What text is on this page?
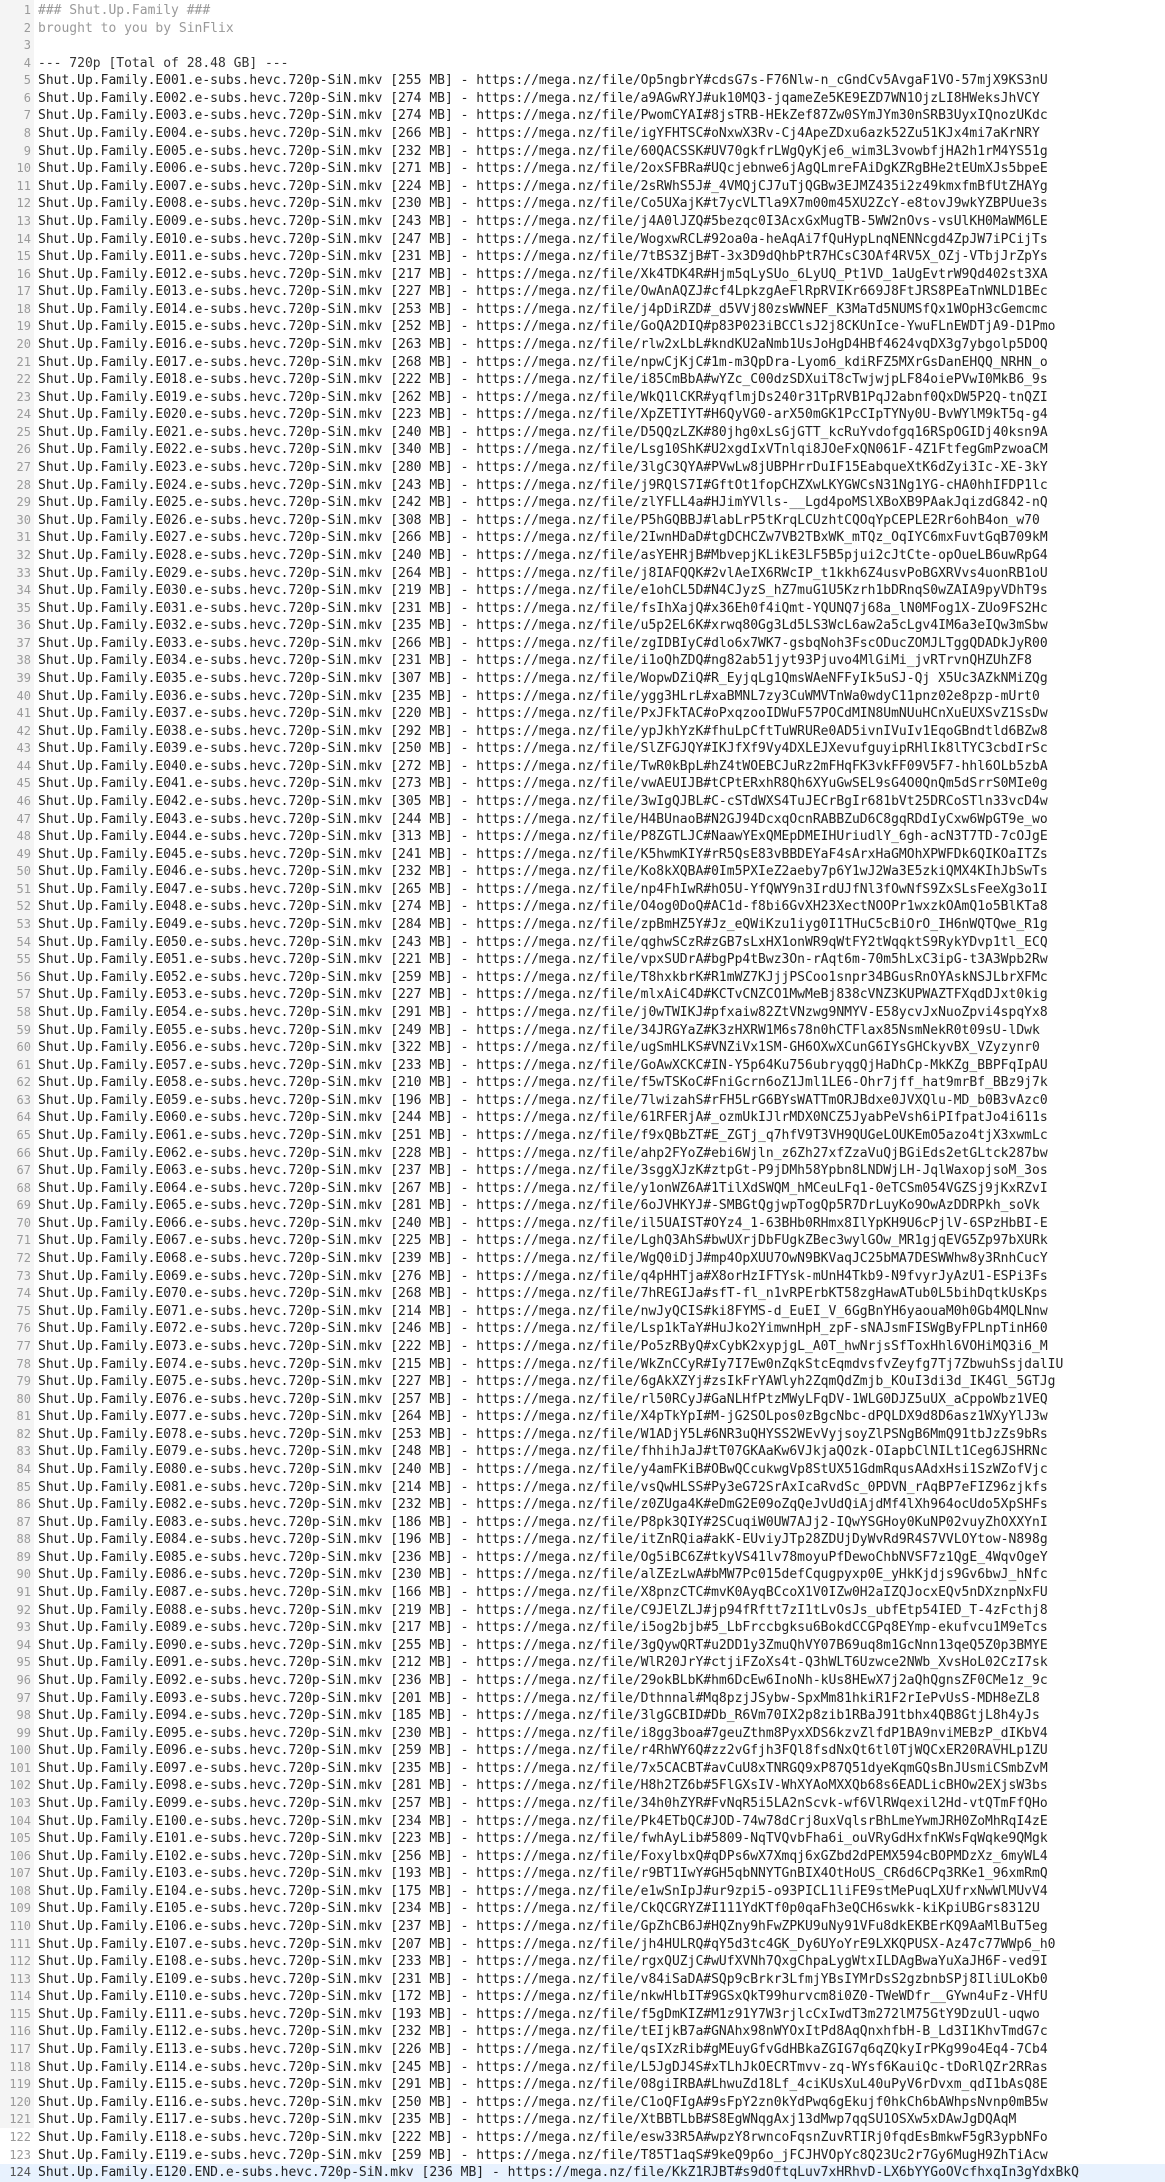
1 ### Shut.Up.Family ###
2 brought to you by SinFlix
3
4 --- 720p [Total of 28.48 GB] ---
5 Shut.Up.Family.E001.e-subs.hevc.720p-SiN.mkv [255 MB] - https://mega.nz/file/Op5ngbrY#cdsG7s-F76Nlw-n_cGndCv5AvgaF1VO-57mjX9KS3nU
6 Shut.Up.Family.E002.e-subs.hevc.720p-SiN.mkv [274 MB] - https://mega.nz/file/a9AGwRYJ#uk10MQ3-jqameZe5KE9EZD7WN1OjzLI8HWeksJhVCY
7 Shut.Up.Family.E003.e-subs.hevc.720p-SiN.mkv [274 MB] - https://mega.nz/file/PwomCYAI#8jsTRB-HEkZef87Zw0SYmJYm30nSRB3UyxIQnozUKdc
8 Shut.Up.Family.E004.e-subs.hevc.720p-SiN.mkv [266 MB] - https://mega.nz/file/igYFHTSC#oNxwX3Rv-Cj4ApeZDxu6azk52Zu51KJx4mi7aKrNRY
9 Shut.Up.Family.E005.e-subs.hevc.720p-SiN.mkv [232 MB] - https://mega.nz/file/60QACSSK#UV70gkfrLWgQyKje6_wim3L3vowbfjHA2h1rM4YS51g
10 Shut.Up.Family.E006.e-subs.hevc.720p-SiN.mkv [271 MB] - https://mega.nz/file/2oxSFBRa#UQcjebnwe6jAgQLmreFAiDgKZRgBHe2tEUmXJs5bpeE
11 Shut.Up.Family.E007.e-subs.hevc.720p-SiN.mkv [224 MB] - https://mega.nz/file/2sRWhS5J#_4VMQjCJ7uTjQGBw3EJMZ435i2z49kmxfmBfUtZHAYg
12 Shut.Up.Family.E008.e-subs.hevc.720p-SiN.mkv [230 MB] - https://mega.nz/file/Co5UXajK#t7ycVLTla9X7m00m45XU2ZcY-e8tovJ9wkYZBPUue3s
13 Shut.Up.Family.E009.e-subs.hevc.720p-SiN.mkv [243 MB] - https://mega.nz/file/j4A0lJZQ#5bezqc0I3AcxGxMugTB-5WW2nOvs-vsUlKH0MaWM6LE
14 Shut.Up.Family.E010.e-subs.hevc.720p-SiN.mkv [247 MB] - https://mega.nz/file/WogxwRCL#92oa0a-heAqAi7fQuHypLnqNENNcgd4ZpJW7iPCijTs
15 Shut.Up.Family.E011.e-subs.hevc.720p-SiN.mkv [231 MB] - https://mega.nz/file/7tBS3ZjB#T-3x3D9dQhbPtR7HCsC3OAf4RV5X_OZj-VTbjJrZpYs
16 Shut.Up.Family.E012.e-subs.hevc.720p-SiN.mkv [217 MB] - https://mega.nz/file/Xk4TDK4R#Hjm5qLySUo_6LyUQ_Pt1VD_1aUgEvtrW9Qd402st3XA
17 Shut.Up.Family.E013.e-subs.hevc.720p-SiN.mkv [227 MB] - https://mega.nz/file/OwAnAQZJ#cf4LpkzgAeFlRpRVIKr669J8FtJRS8PEaTnWNLD1BEc
18 Shut.Up.Family.E014.e-subs.hevc.720p-SiN.mkv [253 MB] - https://mega.nz/file/j4pDiRZD#_d5VVj80zsWWNEF_K3MaTd5NUMSfQx1WOpH3cGemcmc
19 Shut.Up.Family.E015.e-subs.hevc.720p-SiN.mkv [252 MB] - https://mega.nz/file/GoQA2DIQ#p83P023iBCClsJ2j8CKUnIce-YwuFLnEWDTjA9-D1Pmo
20 Shut.Up.Family.E016.e-subs.hevc.720p-SiN.mkv [263 MB] - https://mega.nz/file/rlw2xLbL#kndKU2aNmb1UsJoHgD4HBf4624vqDX3g7ybgolp5DOQ
21 Shut.Up.Family.E017.e-subs.hevc.720p-SiN.mkv [268 MB] - https://mega.nz/file/npwCjKjC#1m-m3QpDra-Lyom6_kdiRFZ5MXrGsDanEHQQ_NRHN_o
22 Shut.Up.Family.E018.e-subs.hevc.720p-SiN.mkv [222 MB] - https://mega.nz/file/i85CmBbA#wYZc_C00dzSDXuiT8cTwjwjpLF84oiePVwI0MkB6_9s
23 Shut.Up.Family.E019.e-subs.hevc.720p-SiN.mkv [262 MB] - https://mega.nz/file/WkQ1lCKR#yqflmjDs240r31TpRVB1PqJ2abnf0QxDW5P2Q-tnQZI
24 Shut.Up.Family.E020.e-subs.hevc.720p-SiN.mkv [223 MB] - https://mega.nz/file/XpZETIYT#H6QyVG0-arX50mGK1PcCIpTYNy0U-BvWYlM9kT5q-g4
25 Shut.Up.Family.E021.e-subs.hevc.720p-SiN.mkv [240 MB] - https://mega.nz/file/D5QQzLZK#80jhg0xLsGjGTT_kcRuYvdofgq16RSpOGIDj40ksn9A
26 Shut.Up.Family.E022.e-subs.hevc.720p-SiN.mkv [340 MB] - https://mega.nz/file/Lsg10ShK#U2xgdIxVTnlqi8JOeFxQN061F-4Z1FtfegGmPzwoaCM
27 Shut.Up.Family.E023.e-subs.hevc.720p-SiN.mkv [280 MB] - https://mega.nz/file/3lgC3QYA#PVwLw8jUBPHrrDuIF15EabqueXtK6dZyi3Ic-XE-3kY
28 Shut.Up.Family.E024.e-subs.hevc.720p-SiN.mkv [243 MB] - https://mega.nz/file/j9RQlS7I#GftOt1fopCHZXwLKYGWCsN31Ng1YG-cHA0hhIFDP1lc
29 Shut.Up.Family.E025.e-subs.hevc.720p-SiN.mkv [242 MB] - https://mega.nz/file/zlYFLL4a#HJimYVlls-__Lgd4poMSlXBoXB9PAakJqizdG842-nQ
30 Shut.Up.Family.E026.e-subs.hevc.720p-SiN.mkv [308 MB] - https://mega.nz/file/P5hGQBBJ#labLrP5tKrqLCUzhtCQOqYpCEPLE2Rr6ohB4on_w70
31 Shut.Up.Family.E027.e-subs.hevc.720p-SiN.mkv [266 MB] - https://mega.nz/file/2IwnHDaD#tgDCHCZw7VB2TBxWK_mTQz_OqIYC6mxFuvtGqB709kM
32 Shut.Up.Family.E028.e-subs.hevc.720p-SiN.mkv [240 MB] - https://mega.nz/file/asYEHRjB#MbvepjKLikE3LF5B5pjui2cJtCte-opOueLB6uwRpG4
33 Shut.Up.Family.E029.e-subs.hevc.720p-SiN.mkv [264 MB] - https://mega.nz/file/j8IAFQQK#2vlAeIX6RWcIP_t1kkh6Z4usvPoBGXRVvs4uonRB1oU
34 Shut.Up.Family.E030.e-subs.hevc.720p-SiN.mkv [219 MB] - https://mega.nz/file/e1ohCL5D#N4CJyzS_hZ7muG1U5Kzrh1bDRnqS0wZAIA9pyVDhT9s
35 Shut.Up.Family.E031.e-subs.hevc.720p-SiN.mkv [231 MB] - https://mega.nz/file/fsIhXajQ#x36Eh0f4iQmt-YQUNQ7j68a_lN0MFog1X-ZUo9FS2Hc
36 Shut.Up.Family.E032.e-subs.hevc.720p-SiN.mkv [235 MB] - https://mega.nz/file/u5p2EL6K#xrwq80Gg3Ld5LS3WcL6aw2a5cLgv4IM6a3eIQw3mSbw
37 Shut.Up.Family.E033.e-subs.hevc.720p-SiN.mkv [266 MB] - https://mega.nz/file/zgIDBIyC#dlo6x7WK7-gsbqNoh3FscODucZOMJLTggQDADkJyR00
38 Shut.Up.Family.E034.e-subs.hevc.720p-SiN.mkv [231 MB] - https://mega.nz/file/i1oQhZDQ#ng82ab51jyt93Pjuvo4MlGiMi_jvRTrvnQHZUhZF8
39 Shut.Up.Family.E035.e-subs.hevc.720p-SiN.mkv [307 MB] - https://mega.nz/file/WopwDZiQ#R_EyjqLg1QmsWAeNFFyIk5uSJ-Qj X5Uc3AZkNMiZQg
40 Shut.Up.Family.E036.e-subs.hevc.720p-SiN.mkv [235 MB] - https://mega.nz/file/ygg3HLrL#xaBMNL7zy3CuWMVTnWa0wdyC11pnz02e8pzp-mUrt0
41 Shut.Up.Family.E037.e-subs.hevc.720p-SiN.mkv [220 MB] - https://mega.nz/file/PxJFkTAC#oPxqzooIDWuF57POCdMIN8UmNUuHCnXuEUXSvZ1SsDw
42 Shut.Up.Family.E038.e-subs.hevc.720p-SiN.mkv [292 MB] - https://mega.nz/file/ypJkhYzK#fhuLpCftTuWRURe0AD5ivnIVuIv1EqoGBndtld6BZw8
43 Shut.Up.Family.E039.e-subs.hevc.720p-SiN.mkv [250 MB] - https://mega.nz/file/SlZFGJQY#IKJfXf9Vy4DXLEJXevufguyipRHlIk8lTYC3cbdIrSc
44 Shut.Up.Family.E040.e-subs.hevc.720p-SiN.mkv [272 MB] - https://mega.nz/file/TwR0kBpL#hZ4tWOEBCJuRz2mFHqFK3vkFF09V5F7-hhl6OLb5zbA
45 Shut.Up.Family.E041.e-subs.hevc.720p-SiN.mkv [273 MB] - https://mega.nz/file/vwAEUIJB#tCPtERxhR8Qh6XYuGwSEL9sG4O0QnQm5dSrrS0MIe0g
46 Shut.Up.Family.E042.e-subs.hevc.720p-SiN.mkv [305 MB] - https://mega.nz/file/3wIgQJBL#C-cSTdWXS4TuJECrBgIr681bVt25DRCoSTln33vcD4w
47 Shut.Up.Family.E043.e-subs.hevc.720p-SiN.mkv [244 MB] - https://mega.nz/file/H4BUnaoB#N2GJ94DcxqOcnRABBZuD6C8gqRDdIyCxw6WpGT9e_wo
48 Shut.Up.Family.E044.e-subs.hevc.720p-SiN.mkv [313 MB] - https://mega.nz/file/P8ZGTLJC#NaawYExQMEpDMEIHUriudlY_6gh-acN3T7TD-7cOJgE
49 Shut.Up.Family.E045.e-subs.hevc.720p-SiN.mkv [241 MB] - https://mega.nz/file/K5hwmKIY#rR5QsE83vBBDEYaF4sArxHaGMOhXPWFDk6QIKOaITZs
50 Shut.Up.Family.E046.e-subs.hevc.720p-SiN.mkv [232 MB] - https://mega.nz/file/Ko8kXQBA#0Im5PXIeZ2aeby7p6Y1wJ2Wa3E5zkiQMX4KIhJbSwTs
51 Shut.Up.Family.E047.e-subs.hevc.720p-SiN.mkv [265 MB] - https://mega.nz/file/np4FhIwR#hO5U-YfQWY9n3IrdUJfNl3fOwNfS9ZxSLsFeeXg3o1I
52 Shut.Up.Family.E048.e-subs.hevc.720p-SiN.mkv [274 MB] - https://mega.nz/file/O4og0DoQ#AC1d-f8bi6GvXH23XectNOOPr1wxzkOAmQ1o5BlKTa8
53 Shut.Up.Family.E049.e-subs.hevc.720p-SiN.mkv [284 MB] - https://mega.nz/file/zpBmHZ5Y#Jz_eQWiKzu1iyg0I1THuC5cBiOrO_IH6nWQTQwe_R1g
54 Shut.Up.Family.E050.e-subs.hevc.720p-SiN.mkv [243 MB] - https://mega.nz/file/qghwSCzR#zGB7sLxHX1onWR9qWtFY2tWqqktS9RykYDvp1tl_ECQ
55 Shut.Up.Family.E051.e-subs.hevc.720p-SiN.mkv [221 MB] - https://mega.nz/file/vpxSUDrA#bgPp4tBwz3On-rAqt6m-70m5hLxC3ipG-t3A3Wpb2Rw
56 Shut.Up.Family.E052.e-subs.hevc.720p-SiN.mkv [259 MB] - https://mega.nz/file/T8hxkbrK#R1mWZ7KJjjPSCoo1snpr34BGusRnOYAskNSJLbrXFMc
57 Shut.Up.Family.E053.e-subs.hevc.720p-SiN.mkv [227 MB] - https://mega.nz/file/mlxAiC4D#KCTvCNZCO1MwMeBj838cVNZ3KUPWAZTFXqdDJxt0kig
58 Shut.Up.Family.E054.e-subs.hevc.720p-SiN.mkv [291 MB] - https://mega.nz/file/j0wTWIKJ#pfxaiw82ZtVNzwg9NMYV-E58ycvJxNuoZpvi4spqYx8
59 Shut.Up.Family.E055.e-subs.hevc.720p-SiN.mkv [249 MB] - https://mega.nz/file/34JRGYaZ#K3zHXRW1M6s78n0hCTFlax85NsmNekR0t09sU-lDwk
60 Shut.Up.Family.E056.e-subs.hevc.720p-SiN.mkv [322 MB] - https://mega.nz/file/ugSmHLKS#VNZiVx1SM-GH6OXwXCunG6IYsGHCkyvBX_VZyzynr0
61 Shut.Up.Family.E057.e-subs.hevc.720p-SiN.mkv [233 MB] - https://mega.nz/file/GoAwXCKC#IN-Y5p64Ku756ubryqgQjHaDhCp-MkKZg_BBPFqIpAU
62 Shut.Up.Family.E058.e-subs.hevc.720p-SiN.mkv [210 MB] - https://mega.nz/file/f5wTSKoC#FniGcrn6oZ1Jml1LE6-Ohr7jff_hat9mrBf_BBz9j7k
63 Shut.Up.Family.E059.e-subs.hevc.720p-SiN.mkv [196 MB] - https://mega.nz/file/7lwizahS#rFH5LrG6BYsWATTmORJBdxe0JVXQlu-MD_b0B3vAzc0
64 Shut.Up.Family.E060.e-subs.hevc.720p-SiN.mkv [244 MB] - https://mega.nz/file/61RFERjA#_ozmUkIJlrMDX0NCZ5JyabPeVsh6iPIfpatJo4i611s
65 Shut.Up.Family.E061.e-subs.hevc.720p-SiN.mkv [251 MB] - https://mega.nz/file/f9xQBbZT#E_ZGTj_q7hfV9T3VH9QUGeLOUKEmO5azo4tjX3xwmLc
66 Shut.Up.Family.E062.e-subs.hevc.720p-SiN.mkv [228 MB] - https://mega.nz/file/ahp2FYoZ#ebi6Wjln_z6Zh27xfZzaVuQjBGiEds2etGLtck287bw
67 Shut.Up.Family.E063.e-subs.hevc.720p-SiN.mkv [237 MB] - https://mega.nz/file/3sggXJzK#ztpGt-P9jDMh58Ypbn8LNDWjLH-JqlWaxopjsoM_3os
68 Shut.Up.Family.E064.e-subs.hevc.720p-SiN.mkv [267 MB] - https://mega.nz/file/y1onWZ6A#1TilXdSWQM_hMCeuLFq1-0eTCSm054VGZSj9jKxRZvI
69 Shut.Up.Family.E065.e-subs.hevc.720p-SiN.mkv [281 MB] - https://mega.nz/file/6oJVHKYJ#-SMBGtQgjwpTogQp5R7DrLuyKo9OwAzDDRPkh_soVk
70 Shut.Up.Family.E066.e-subs.hevc.720p-SiN.mkv [240 MB] - https://mega.nz/file/il5UAIST#OYz4_1-63BHb0RHmx8IlYpKH9U6cPjlV-6SPzHbBI-E
71 Shut.Up.Family.E067.e-subs.hevc.720p-SiN.mkv [225 MB] - https://mega.nz/file/LghQ3AhS#bwUXrjDbFUgkZBec3wylGOw_MR1gjqEVG5Zp97bXURk
72 Shut.Up.Family.E068.e-subs.hevc.720p-SiN.mkv [239 MB] - https://mega.nz/file/WgQ0iDjJ#mp4OpXUU7OwN9BKVaqJC25bMA7DESWWhw8y3RnhCucY
73 Shut.Up.Family.E069.e-subs.hevc.720p-SiN.mkv [276 MB] - https://mega.nz/file/q4pHHTja#X8orHzIFTYsk-mUnH4Tkb9-N9fvyrJyAzU1-ESPi3Fs
74 Shut.Up.Family.E070.e-subs.hevc.720p-SiN.mkv [268 MB] - https://mega.nz/file/7hREGIJa#sfT-fl_n1vRPErbKT58zgHawATub0L5bihDqtkUsKps
75 Shut.Up.Family.E071.e-subs.hevc.720p-SiN.mkv [214 MB] - https://mega.nz/file/nwJyQCIS#ki8FYMS-d_EuEI_V_6GgBnYH6yaouaM0h0Gb4MQLNnw
76 Shut.Up.Family.E072.e-subs.hevc.720p-SiN.mkv [246 MB] - https://mega.nz/file/Lsp1kTaY#HuJko2YimwnHpH_zpF-sNAJsmFISWgByFPLnpTinH60
77 Shut.Up.Family.E073.e-subs.hevc.720p-SiN.mkv [222 MB] - https://mega.nz/file/Po5zRByQ#xCybK2xypjgL_A0T_hwNrjsSfToxHhl6VOHiMQ3i6_M
78 Shut.Up.Family.E074.e-subs.hevc.720p-SiN.mkv [215 MB] - https://mega.nz/file/WkZnCCyR#Iy7I7Ew0nZqkStcEqmdvsfvZeyfg7Tj7ZbwuhSsjdalIU
79 Shut.Up.Family.E075.e-subs.hevc.720p-SiN.mkv [227 MB] - https://mega.nz/file/6gAkXZYj#zsIkFrYAWlyh2ZqmQdZmjb_KOuI3di3d_IK4Gl_5GTJg
80 Shut.Up.Family.E076.e-subs.hevc.720p-SiN.mkv [257 MB] - https://mega.nz/file/rl50RCyJ#GaNLHfPtzMWyLFqDV-1WLG0DJZ5uUX_aCppoWbz1VEQ
81 Shut.Up.Family.E077.e-subs.hevc.720p-SiN.mkv [264 MB] - https://mega.nz/file/X4pTkYpI#M-jG2SOLpos0zBgcNbc-dPQLDX9d8D6asz1WXyYlJ3w
82 Shut.Up.Family.E078.e-subs.hevc.720p-SiN.mkv [253 MB] - https://mega.nz/file/W1ADjY5L#6NR3uQHYSS2WEvVyjsoyZlPSNgB6MmQ91tbJzZs9bRs
83 Shut.Up.Family.E079.e-subs.hevc.720p-SiN.mkv [248 MB] - https://mega.nz/file/fhhihJaJ#tT07GKAaKw6VJkjaQOzk-OIapbClNILt1Ceg6JSHRNc
84 Shut.Up.Family.E080.e-subs.hevc.720p-SiN.mkv [240 MB] - https://mega.nz/file/y4amFKiB#OBwQCcukwgVp8StUX51GdmRqusAAdxHsi1SzWZofVjc
85 Shut.Up.Family.E081.e-subs.hevc.720p-SiN.mkv [214 MB] - https://mega.nz/file/vsQwHLSS#Py3eG72SrAxIcaRvdSc_0PDVN_rAqBP7eFIZ96zjkfs
86 Shut.Up.Family.E082.e-subs.hevc.720p-SiN.mkv [232 MB] - https://mega.nz/file/z0ZUga4K#eDmG2E09oZqQeJvUdQiAjdMf4lXh964ocUdo5XpSHFs
87 Shut.Up.Family.E083.e-subs.hevc.720p-SiN.mkv [186 MB] - https://mega.nz/file/P8pk3QIY#2SCuqiW0UW7AJj2-IQwYSGHoy0KuNP02vuyZhOXXYnI
88 Shut.Up.Family.E084.e-subs.hevc.720p-SiN.mkv [196 MB] - https://mega.nz/file/itZnRQia#akK-EUviyJTp28ZDUjDyWvRd9R4S7VVLOYtow-N898g
89 Shut.Up.Family.E085.e-subs.hevc.720p-SiN.mkv [236 MB] - https://mega.nz/file/Og5iBC6Z#tkyVS41lv78moyuPfDewoChbNVSF7z1QgE_4WqvOgeY
90 Shut.Up.Family.E086.e-subs.hevc.720p-SiN.mkv [230 MB] - https://mega.nz/file/alZEzLwA#bMW7Pc015defCqugpyxp0E_yHkKjdjs9Gv6bwJ_hNfc
91 Shut.Up.Family.E087.e-subs.hevc.720p-SiN.mkv [166 MB] - https://mega.nz/file/X8pnzCTC#mvK0AyqBCcoX1V0IZw0H2aIZQJocxEQv5nDXznpNxFU
92 Shut.Up.Family.E088.e-subs.hevc.720p-SiN.mkv [219 MB] - https://mega.nz/file/C9JElZLJ#jp94fRftt7zI1tLvOsJs_ubfEtp54IED_T-4zFcthj8
93 Shut.Up.Family.E089.e-subs.hevc.720p-SiN.mkv [217 MB] - https://mega.nz/file/i5og2bjb#5_LbFrccbgksu6BokdCCGPq8EYmp-ekufvcu1M9eTcs
94 Shut.Up.Family.E090.e-subs.hevc.720p-SiN.mkv [255 MB] - https://mega.nz/file/3gQywQRT#u2DD1y3ZmuQhVY07B69uq8m1GcNnn13qeQ5Z0p3BMYE
95 Shut.Up.Family.E091.e-subs.hevc.720p-SiN.mkv [212 MB] - https://mega.nz/file/WlR20JrY#ctjiFZoXs4t-Q3hWLT6Uzwce2NWb_XvsHoL02CzI7sk
96 Shut.Up.Family.E092.e-subs.hevc.720p-SiN.mkv [236 MB] - https://mega.nz/file/29okBLbK#hm6DcEw6InoNh-kUs8HEwX7j2aQhQgnsZF0CMe1z_9c
97 Shut.Up.Family.E093.e-subs.hevc.720p-SiN.mkv [201 MB] - https://mega.nz/file/Dthnnal#Mq8pzjJSybw-SpxMm81hkiR1F2rIePvUsS-MDH8eZL8
98 Shut.Up.Family.E094.e-subs.hevc.720p-SiN.mkv [185 MB] - https://mega.nz/file/3lgGCBID#Db_R6Vm70IX2p8zib1RBaJ91tbhx4QB8GtjL8h4yJs
99 Shut.Up.Family.E095.e-subs.hevc.720p-SiN.mkv [230 MB] - https://mega.nz/file/i8gg3boa#7geuZthm8PyxXDS6kzvZlfdP1BA9nviMEBzP_dIKbV4
100 Shut.Up.Family.E096.e-subs.hevc.720p-SiN.mkv [259 MB] - https://mega.nz/file/r4RhWY6Q#zz2vGfjh3FQl8fsdNxQt6tl0TjWQCxER20RAVHLp1ZU
101 Shut.Up.Family.E097.e-subs.hevc.720p-SiN.mkv [235 MB] - https://mega.nz/file/7x5CACBT#avCuU8xTNRGQ9xP87Q51dyeKqmGQsBnJUsmiCSmbZvM
102 Shut.Up.Family.E098.e-subs.hevc.720p-SiN.mkv [281 MB] - https://mega.nz/file/H8h2TZ6b#5FlGXsIV-WhXYAoMXXQb68s6EADLicBHOw2EXjsW3bs
103 Shut.Up.Family.E099.e-subs.hevc.720p-SiN.mkv [257 MB] - https://mega.nz/file/34h0hZYR#FvNqR5i5LA2nScvk-wf6VlRWqexil2Hd-vtQTmFfQHo
104 Shut.Up.Family.E100.e-subs.hevc.720p-SiN.mkv [234 MB] - https://mega.nz/file/Pk4ETbQC#JOD-74w78dCrj8uxVqlsrBhLmeYwmJRH0ZoMhRqI4zE
105 Shut.Up.Family.E101.e-subs.hevc.720p-SiN.mkv [223 MB] - https://mega.nz/file/fwhAyLib#5809-NqTVQvbFha6i_ouVRyGdHxfnKWsFqWqke9QMgk
106 Shut.Up.Family.E102.e-subs.hevc.720p-SiN.mkv [256 MB] - https://mega.nz/file/FoxylbxQ#qDPs6wX7Xmqj6xGZbd2dPEMX594cBOPMDzXz_6myWL4
107 Shut.Up.Family.E103.e-subs.hevc.720p-SiN.mkv [193 MB] - https://mega.nz/file/r9BT1IwY#GH5qbNNYTGnBIX4OtHoUS_CR6d6CPq3RKe1_96xmRmQ
108 Shut.Up.Family.E104.e-subs.hevc.720p-SiN.mkv [175 MB] - https://mega.nz/file/e1wSnIpJ#ur9zpi5-o93PICL1liFE9stMePuqLXUfrxNwWlMUvV4
109 Shut.Up.Family.E105.e-subs.hevc.720p-SiN.mkv [234 MB] - https://mega.nz/file/CkQCGRYZ#I111YdKTf0p0qaFh3eQCH6swkk-kiKpiUBGrs8312U
110 Shut.Up.Family.E106.e-subs.hevc.720p-SiN.mkv [237 MB] - https://mega.nz/file/GpZhCB6J#HQZny9hFwZPKU9uNy91VFu8dkEKBErKQ9AaMlBuT5eg
111 Shut.Up.Family.E107.e-subs.hevc.720p-SiN.mkv [207 MB] - https://mega.nz/file/jh4HULRQ#qY5d3tc4GK_Dy6UYoYrE9LXKQPUSX-Az47c77WWp6_h0
112 Shut.Up.Family.E108.e-subs.hevc.720p-SiN.mkv [233 MB] - https://mega.nz/file/rgxQUZjC#wUfXVNh7QxgChpaLygWtxILDAgBwaYuXaJH6F-ved9I
113 Shut.Up.Family.E109.e-subs.hevc.720p-SiN.mkv [231 MB] - https://mega.nz/file/v84iSaDA#SQp9cBrkr3LfmjYBsIYMrDsS2gzbnbSPj8IliULoKb0
114 Shut.Up.Family.E110.e-subs.hevc.720p-SiN.mkv [172 MB] - https://mega.nz/file/nkwHlbIT#9GSxQkT99hurvcm8i0Z0-TWeWDfr__GYwn4uFz-VHfU
115 Shut.Up.Family.E111.e-subs.hevc.720p-SiN.mkv [193 MB] - https://mega.nz/file/f5gDmKIZ#M1z91Y7W3rjlcCxIwdT3m272lM75GtY9DzuUl-uqwo
116 Shut.Up.Family.E112.e-subs.hevc.720p-SiN.mkv [232 MB] - https://mega.nz/file/tEIjkB7a#GNAhx98nWYOxItPd8AqQnxhfbH-B_Ld3I1KhvTmdG7c
117 Shut.Up.Family.E113.e-subs.hevc.720p-SiN.mkv [226 MB] - https://mega.nz/file/qsIXzRib#gMEuyGfvGdHBkaZGIG7q6qZQkyIrPKg99o4Eq4-7Cb4
118 Shut.Up.Family.E114.e-subs.hevc.720p-SiN.mkv [245 MB] - https://mega.nz/file/L5JgDJ4S#xTLhJkOECRTmvv-zq-WYsf6KauiQc-tDoRlQZr2RRas
119 Shut.Up.Family.E115.e-subs.hevc.720p-SiN.mkv [291 MB] - https://mega.nz/file/08giIRBA#LhwuZd18Lf_4ciKUsXuL40uPyV6rDvxm_qdI1bAsQ8E
120 Shut.Up.Family.E116.e-subs.hevc.720p-SiN.mkv [250 MB] - https://mega.nz/file/C1oQFIgA#9sFpY2zn0kYdPwq6gEkujf0hkCh6bAWhpsNvnp0mB5w
121 Shut.Up.Family.E117.e-subs.hevc.720p-SiN.mkv [235 MB] - https://mega.nz/file/XtBBTLbB#S8EgWNqgAxj13dMwp7qqSU1OSXw5xDAwJgDQAqM
122 Shut.Up.Family.E118.e-subs.hevc.720p-SiN.mkv [222 MB] - https://mega.nz/file/esw33R5A#wpzY8rwncoFqsnZuvRTIRj0fqdEsBmkwF5gR3ypbNFo
123 Shut.Up.Family.E119.e-subs.hevc.720p-SiN.mkv [259 MB] - https://mega.nz/file/T85T1aqS#9keQ9p6o_jFCJHVOpYc8Q23Uc2r7Gy6MugH9ZhTiAcw
124 Shut.Up.Family.E120.END.e-subs.hevc.720p-SiN.mkv [236 MB] - https://mega.nz/file/KkZ1RJBT#s9dOftqLuv7xHRhvD-LX6bYYGoOVcfhxqIn3gYdxBkQ
